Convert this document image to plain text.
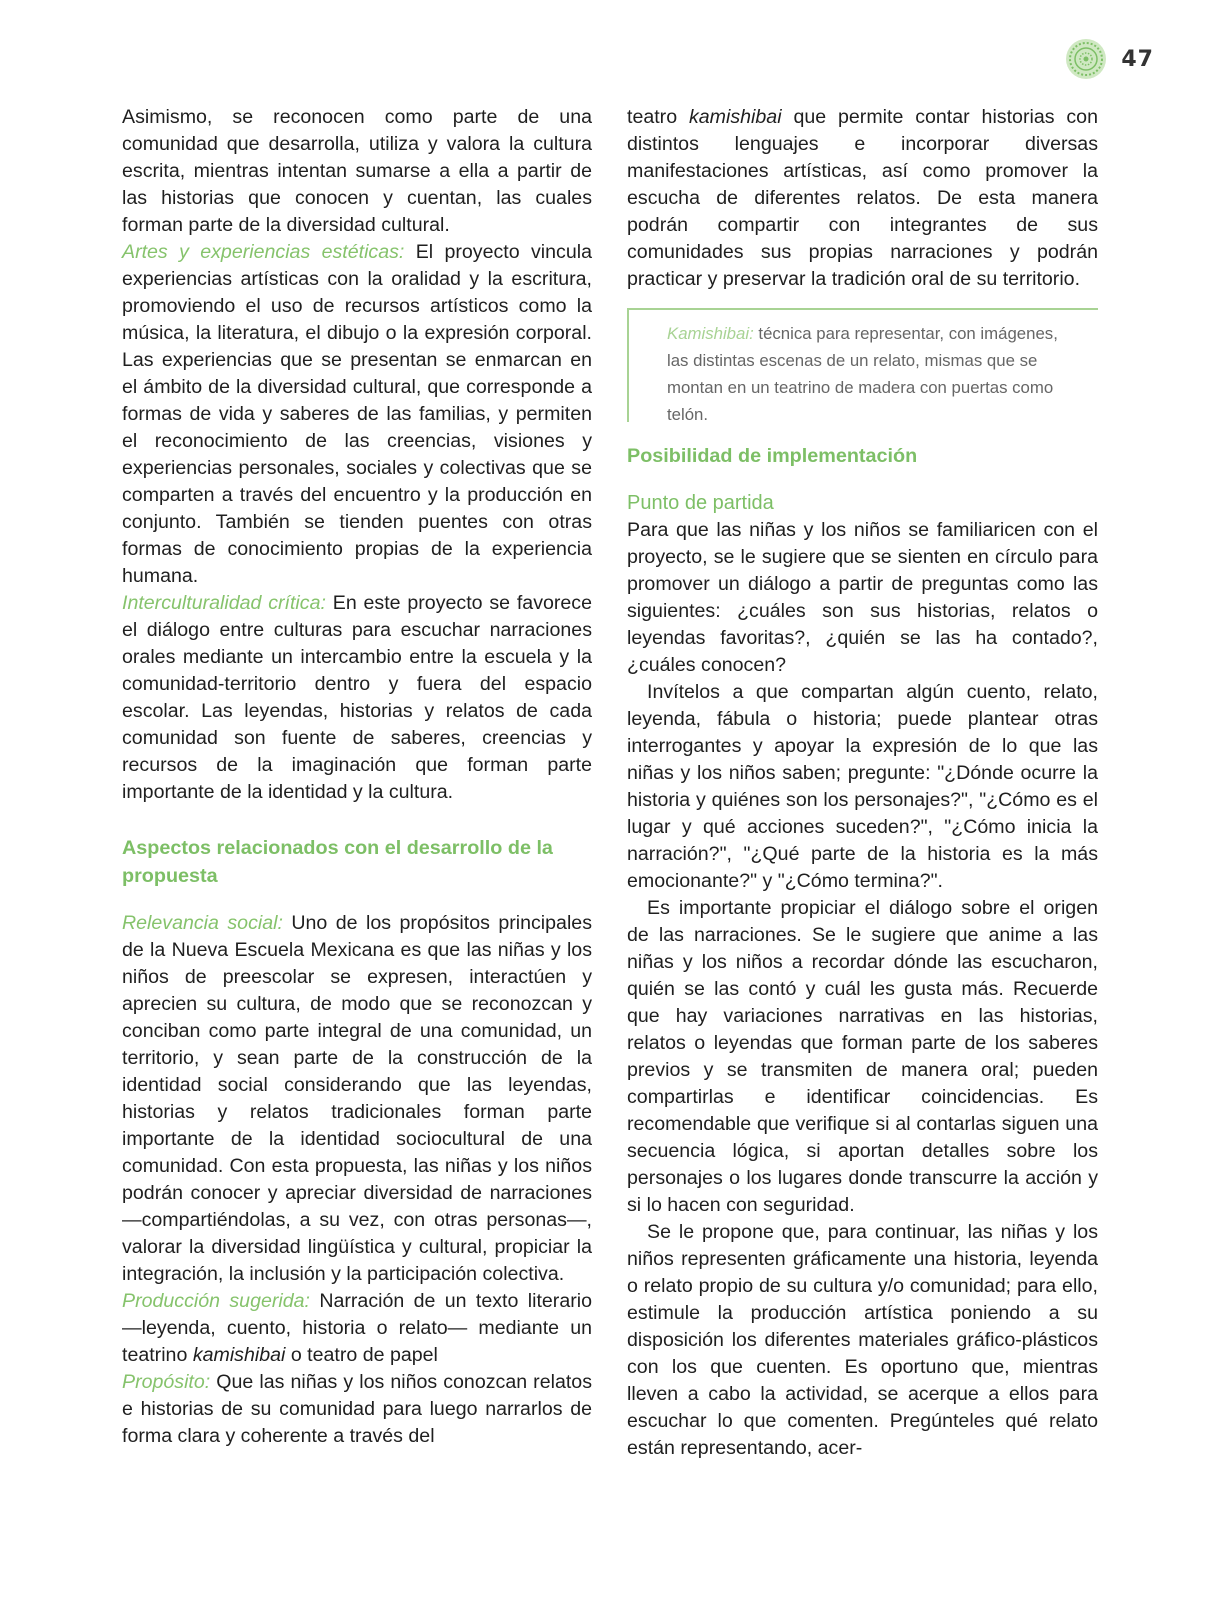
47

Asimismo, se reconocen como parte de una comunidad que desarrolla, utiliza y valora la cultura escrita, mientras intentan sumarse a ella a partir de las historias que conocen y cuentan, las cuales forman parte de la diversidad cultural.

Artes y experiencias estéticas: El proyecto vincula experiencias artísticas con la oralidad y la escritura, promoviendo el uso de recursos artísticos como la música, la literatura, el dibujo o la expresión corporal. Las experiencias que se presentan se enmarcan en el ámbito de la diversidad cultural, que corresponde a formas de vida y saberes de las familias, y permiten el reconocimiento de las creencias, visiones y experiencias personales, sociales y colectivas que se comparten a través del encuentro y la producción en conjunto. También se tienden puentes con otras formas de conocimiento propias de la experiencia humana.

Interculturalidad crítica: En este proyecto se favorece el diálogo entre culturas para escuchar narraciones orales mediante un intercambio entre la escuela y la comunidad-territorio dentro y fuera del espacio escolar. Las leyendas, historias y relatos de cada comunidad son fuente de saberes, creencias y recursos de la imaginación que forman parte importante de la identidad y la cultura.

Aspectos relacionados con el desarrollo de la propuesta

Relevancia social: Uno de los propósitos principales de la Nueva Escuela Mexicana es que las niñas y los niños de preescolar se expresen, interactúen y aprecien su cultura, de modo que se reconozcan y conciban como parte integral de una comunidad, un territorio, y sean parte de la construcción de la identidad social considerando que las leyendas, historias y relatos tradicionales forman parte importante de la identidad sociocultural de una comunidad. Con esta propuesta, las niñas y los niños podrán conocer y apreciar diversidad de narraciones —compartiéndolas, a su vez, con otras personas—, valorar la diversidad lingüística y cultural, propiciar la integración, la inclusión y la participación colectiva.

Producción sugerida: Narración de un texto literario —leyenda, cuento, historia o relato— mediante un teatrino kamishibai o teatro de papel

Propósito: Que las niñas y los niños conozcan relatos e historias de su comunidad para luego narrarlos de forma clara y coherente a través del

teatro kamishibai que permite contar historias con distintos lenguajes e incorporar diversas manifestaciones artísticas, así como promover la escucha de diferentes relatos. De esta manera podrán compartir con integrantes de sus comunidades sus propias narraciones y podrán practicar y preservar la tradición oral de su territorio.

Kamishibai: técnica para representar, con imágenes, las distintas escenas de un relato, mismas que se montan en un teatrino de madera con puertas como telón.

Posibilidad de implementación

Punto de partida

Para que las niñas y los niños se familiaricen con el proyecto, se le sugiere que se sienten en círculo para promover un diálogo a partir de preguntas como las siguientes: ¿cuáles son sus historias, relatos o leyendas favoritas?, ¿quién se las ha contado?, ¿cuáles conocen?

Invítelos a que compartan algún cuento, relato, leyenda, fábula o historia; puede plantear otras interrogantes y apoyar la expresión de lo que las niñas y los niños saben; pregunte: "¿Dónde ocurre la historia y quiénes son los personajes?", "¿Cómo es el lugar y qué acciones suceden?", "¿Cómo inicia la narración?", "¿Qué parte de la historia es la más emocionante?" y "¿Cómo termina?".

Es importante propiciar el diálogo sobre el origen de las narraciones. Se le sugiere que anime a las niñas y los niños a recordar dónde las escucharon, quién se las contó y cuál les gusta más. Recuerde que hay variaciones narrativas en las historias, relatos o leyendas que forman parte de los saberes previos y se transmiten de manera oral; pueden compartirlas e identificar coincidencias. Es recomendable que verifique si al contarlas siguen una secuencia lógica, si aportan detalles sobre los personajes o los lugares donde transcurre la acción y si lo hacen con seguridad.

Se le propone que, para continuar, las niñas y los niños representen gráficamente una historia, leyenda o relato propio de su cultura y/o comunidad; para ello, estimule la producción artística poniendo a su disposición los diferentes materiales gráfico-plásticos con los que cuenten. Es oportuno que, mientras lleven a cabo la actividad, se acerque a ellos para escuchar lo que comenten. Pregúnteles qué relato están representando, acer-
